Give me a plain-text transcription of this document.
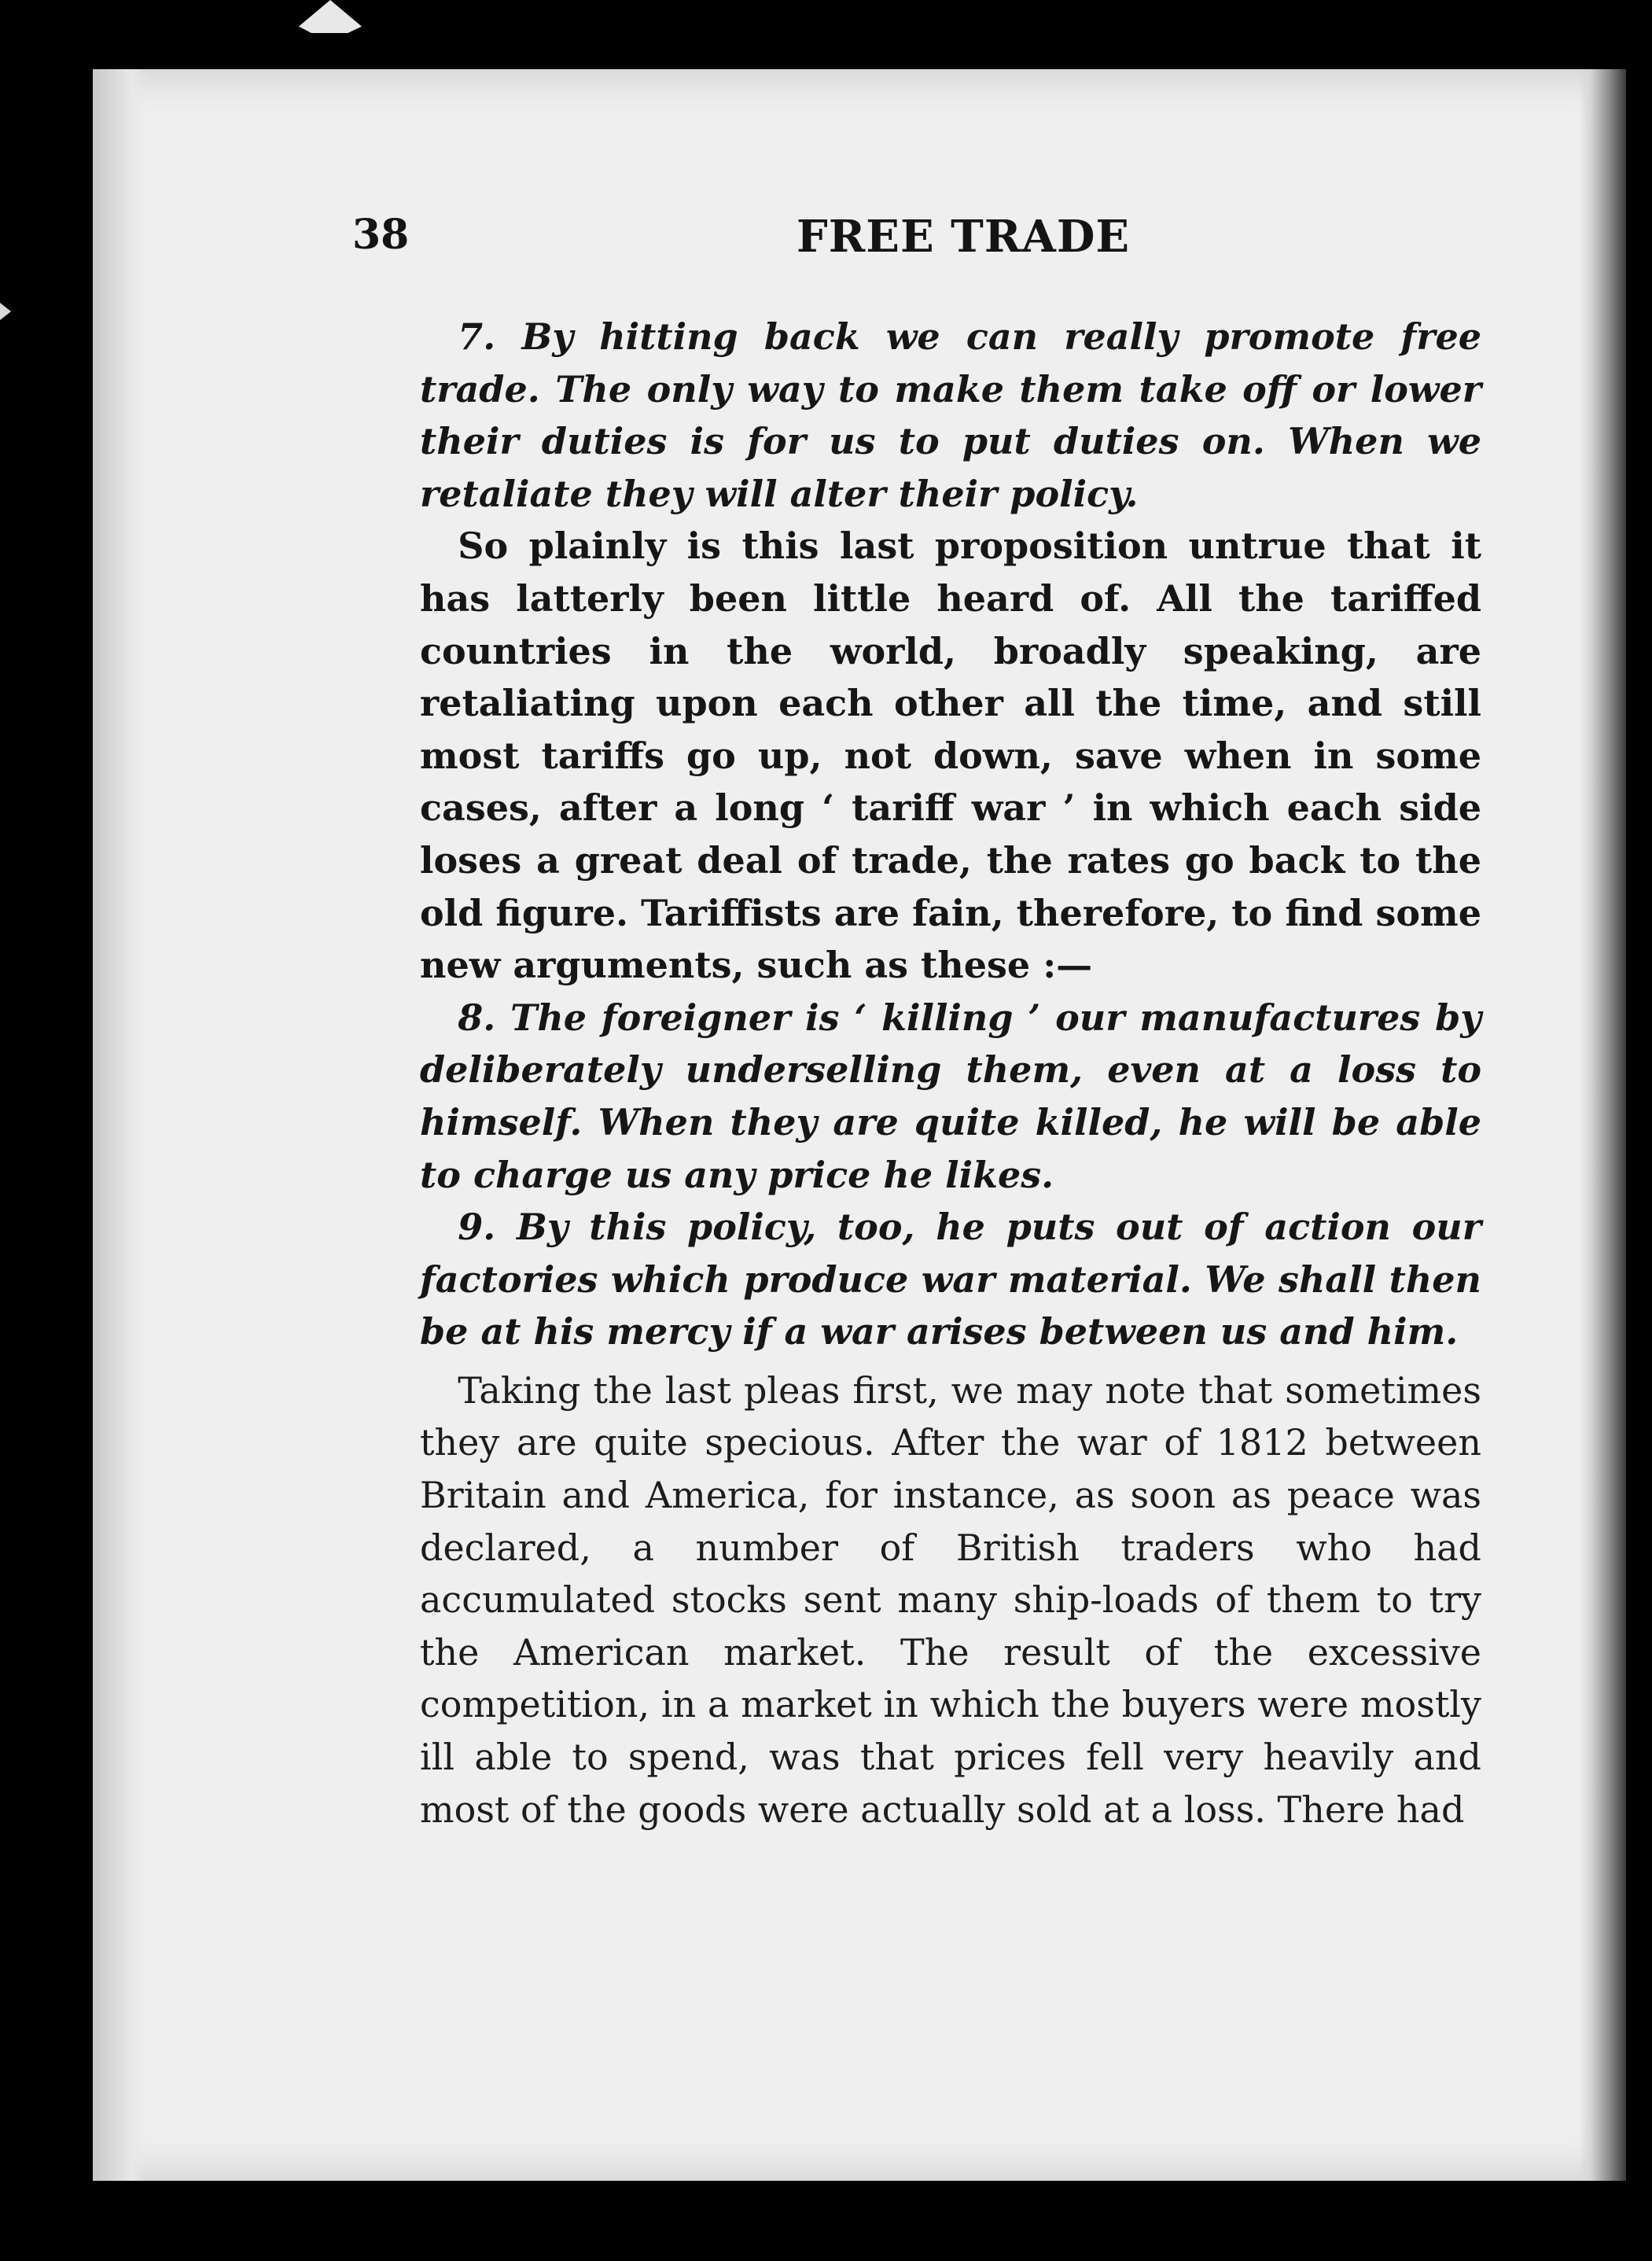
38	FREE TRADE

7. By hitting back we can really promote free trade. The only way to make them take off or lower their duties is for us to put duties on. When we retaliate they will alter their policy.

So plainly is this last proposition untrue that it has latterly been little heard of. All the tariffed countries in the world, broadly speaking, are retaliating upon each other all the time, and still most tariffs go up, not down, save when in some cases, after a long ‘ tariff war ’ in which each side loses a great deal of trade, the rates go back to the old figure. Tariffists are fain, therefore, to find some new arguments, such as these :—

8. The foreigner is ‘ killing ’ our manufactures by deliberately underselling them, even at a loss to himself. When they are quite killed, he will be able to charge us any price he likes.

9. By this policy, too, he puts out of action our factories which produce war material. We shall then be at his mercy if a war arises between us and him.

Taking the last pleas first, we may note that sometimes they are quite specious. After the war of 1812 between Britain and America, for instance, as soon as peace was declared, a number of British traders who had accumulated stocks sent many ship-loads of them to try the American market. The result of the excessive competition, in a market in which the buyers were mostly ill able to spend, was that prices fell very heavily and most of the goods were actually sold at a loss. There had
